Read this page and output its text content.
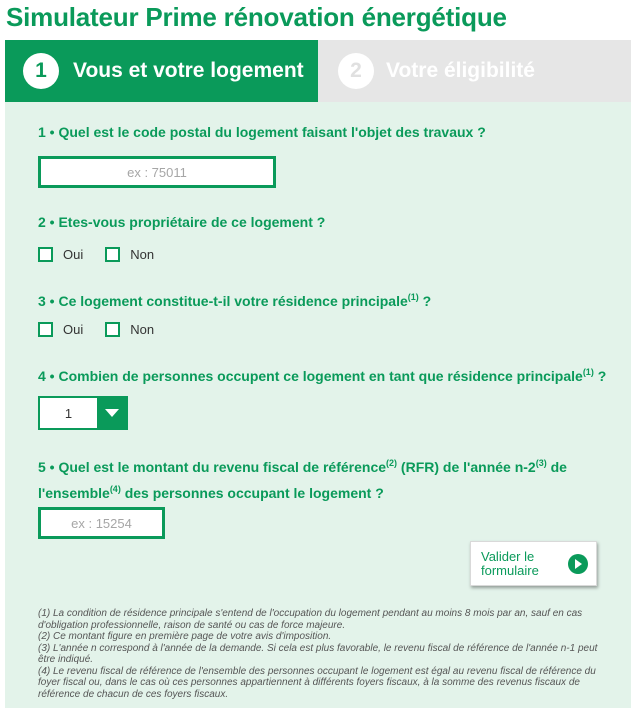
Simulateur Prime rénovation énergétique
1	Vous et votre logement	2	Votre éligibilité
1 • Quel est le code postal du logement faisant l'objet des travaux ?
ex : 75011
2 • Etes-vous propriétaire de ce logement ?
Oui	Non
3 • Ce logement constitue-t-il votre résidence principale$^{(1)}$ ?
Oui	Non
4 • Combien de personnes occupent ce logement en tant que résidence principale$^{(1)}$ ?
1
5 • Quel est le montant du revenu fiscal de référence$^{(2)}$ (RFR) de l'année n-2$^{(3)}$ de l'ensemble$^{(4)}$ des personnes occupant le logement ?
ex : 15254
Valider le formulaire

(1) La condition de résidence principale s'entend de l'occupation du logement pendant au moins 8 mois par an, sauf en cas d'obligation professionnelle, raison de santé ou cas de force majeure.

(2) Ce montant figure en première page de votre avis d'imposition.

(3) L'année n correspond à l'année de la demande. Si cela est plus favorable, le revenu fiscal de référence de l'année n-1 peut être indiqué.

(4) Le revenu fiscal de référence de l'ensemble des personnes occupant le logement est égal au revenu fiscal de référence du foyer fiscal ou, dans le cas où ces personnes appartiennent à différents foyers fiscaux, à la somme des revenus fiscaux de référence de chacun de ces foyers fiscaux.
